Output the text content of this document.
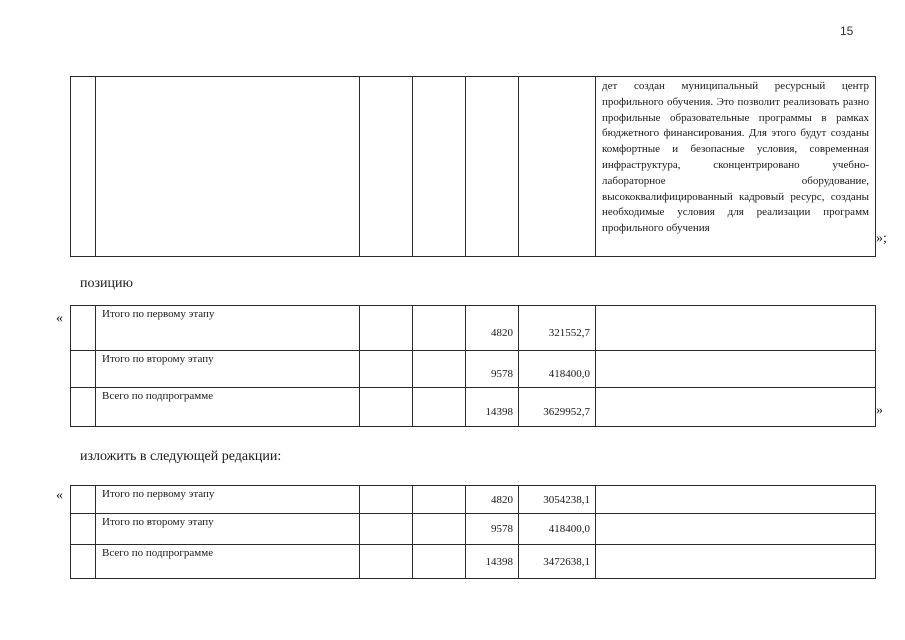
15
						дет создан муниципальный ресурсный центр профильного обучения. Это позволит реализовать разно профильные образовательные программы в рамках бюджетного финансирования. Для этого будут созданы комфортные и безопасные условия, современная инфраструктура, сконцентрировано учебно-лабораторное оборудование, высококвалифицированный кадровый ресурс, созданы необходимые условия для реализации программ профильного обучения
»;
позицию
«
		Итого по первому этапу			4820	321552,7	
	Итого по второму этапу			9578	418400,0	
	Всего по подпрограмме			14398	3629952,7		»
изложить в следующей редакции:
«
		Итого по первому этапу			4820	3054238,1	
	Итого по второму этапу			9578	418400,0	
	Всего по подпрограмме			14398	3472638,1	
